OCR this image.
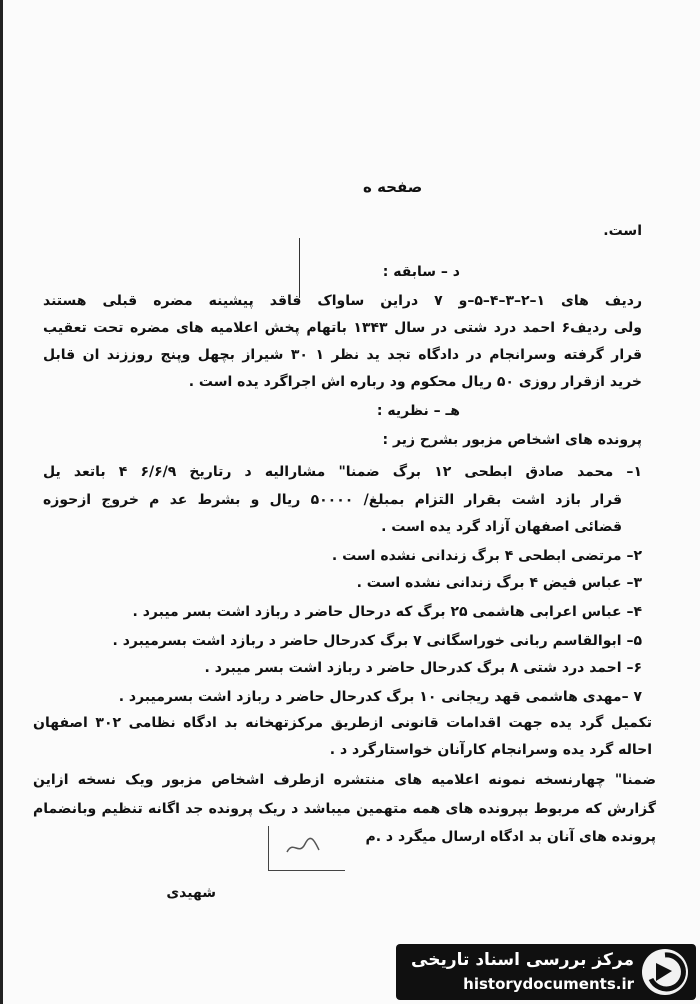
صفحه ه
است.
د – سابقه :
ردیف های ۱–۲–۳–۴–۵–و ۷ دراین ساواک فاقد پیشینه مضره قبلی هستند
ولی ردیف۶ احمد درد شتی در سال ۱۳۴۳ باتهام پخش اعلامیه های مضره تحت تعقیب
قرار گرفته وسرانجام در دادگاه تجد ید نظر ۱ ۳۰ شیراز بچهل وپنج روززند ان قابل
خرید ازقرار روزی ۵۰ ریال محکوم ود رباره اش اجراگرد یده است .
هـ – نظریه :
پرونده های اشخاص مزبور بشرح زیر :
۱– محمد صادق ابطحی ۱۲ برگ ضمنا" مشارالیه د رتاریخ ۶/۶/۹ ۴ باتعد یل
قرار بازد اشت بقرار التزام بمبلغ/ ۵۰۰۰۰ ریال و بشرط عد م خروج ازحوزه
قضائی اصفهان آزاد گرد یده است .
۲– مرتضی ابطحی ۴ برگ زندانی نشده است .
۳– عباس فیض ۴ برگ زندانی نشده است .
۴– عباس اعرابی هاشمی ۲۵ برگ که درحال حاضر د ربازد اشت بسر میبرد .
۵– ابوالقاسم ربانی خوراسگانی ۷ برگ کدرحال حاضر د ربازد اشت بسرمیبرد .
۶– احمد درد شتی ۸ برگ کدرحال حاضر د ربازد اشت بسر میبرد .
۷ –مهدی هاشمی قهد ریجانی ۱۰ برگ کدرحال حاضر د ربازد اشت بسرمیبرد .
تکمیل گرد یده جهت اقدامات قانونی ازطریق مرکزتهخانه بد ادگاه نظامی ۳۰۲ اصفهان
احاله گرد یده وسرانجام کارآنان خواستارگرد د .
ضمنا" چهارنسخه نمونه اعلامیه های منتشره ازطرف اشخاص مزبور ویک نسخه ازاین
گزارش که مربوط بپرونده های همه متهمین میباشد د ریک پرونده جد اگانه تنظیم وبانضمام
پرونده های آنان بد ادگاه ارسال میگرد د .م
شهیدی
مرکز بررسی اسناد تاریخی
historydocuments.ir
